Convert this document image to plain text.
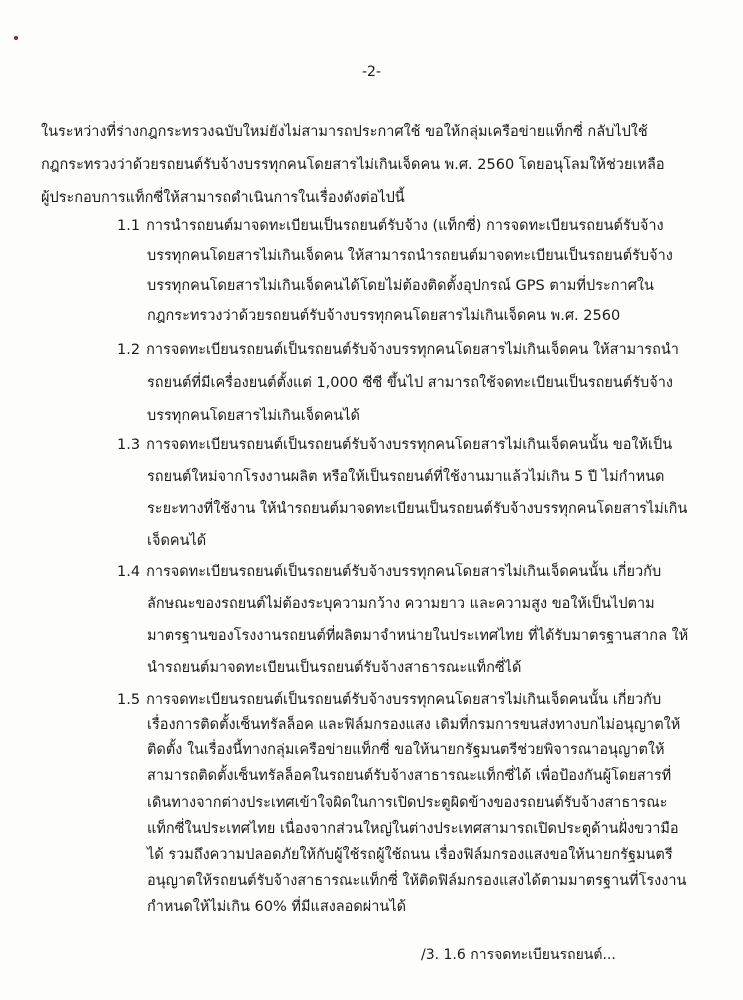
-2-
ในระหว่างที่ร่างกฎกระทรวงฉบับใหม่ยังไม่สามารถประกาศใช้ ขอให้กลุ่มเครือข่ายแท็กซี่ กลับไปใช้
กฎกระทรวงว่าด้วยรถยนต์รับจ้างบรรทุกคนโดยสารไม่เกินเจ็ดคน พ.ศ. 2560 โดยอนุโลมให้ช่วยเหลือ
ผู้ประกอบการแท็กซี่ให้สามารถดำเนินการในเรื่องดังต่อไปนี้
1.1 การนำรถยนต์มาจดทะเบียนเป็นรถยนต์รับจ้าง (แท็กซี่) การจดทะเบียนรถยนต์รับจ้าง
บรรทุกคนโดยสารไม่เกินเจ็ดคน ให้สามารถนำรถยนต์มาจดทะเบียนเป็นรถยนต์รับจ้าง
บรรทุกคนโดยสารไม่เกินเจ็ดคนได้โดยไม่ต้องติดตั้งอุปกรณ์ GPS ตามที่ประกาศใน
กฎกระทรวงว่าด้วยรถยนต์รับจ้างบรรทุกคนโดยสารไม่เกินเจ็ดคน พ.ศ. 2560
1.2 การจดทะเบียนรถยนต์เป็นรถยนต์รับจ้างบรรทุกคนโดยสารไม่เกินเจ็ดคน ให้สามารถนำ
รถยนต์ที่มีเครื่องยนต์ตั้งแต่ 1,000 ซีซี ขึ้นไป สามารถใช้จดทะเบียนเป็นรถยนต์รับจ้าง
บรรทุกคนโดยสารไม่เกินเจ็ดคนได้
1.3 การจดทะเบียนรถยนต์เป็นรถยนต์รับจ้างบรรทุกคนโดยสารไม่เกินเจ็ดคนนั้น ขอให้เป็น
รถยนต์ใหม่จากโรงงานผลิต หรือให้เป็นรถยนต์ที่ใช้งานมาแล้วไม่เกิน 5 ปี ไม่กำหนด
ระยะทางที่ใช้งาน ให้นำรถยนต์มาจดทะเบียนเป็นรถยนต์รับจ้างบรรทุกคนโดยสารไม่เกิน
เจ็ดคนได้
1.4 การจดทะเบียนรถยนต์เป็นรถยนต์รับจ้างบรรทุกคนโดยสารไม่เกินเจ็ดคนนั้น เกี่ยวกับ
ลักษณะของรถยนต์ไม่ต้องระบุความกว้าง ความยาว และความสูง ขอให้เป็นไปตาม
มาตรฐานของโรงงานรถยนต์ที่ผลิตมาจำหน่ายในประเทศไทย ที่ได้รับมาตรฐานสากล ให้
นำรถยนต์มาจดทะเบียนเป็นรถยนต์รับจ้างสาธารณะแท็กซี่ได้
1.5 การจดทะเบียนรถยนต์เป็นรถยนต์รับจ้างบรรทุกคนโดยสารไม่เกินเจ็ดคนนั้น เกี่ยวกับ
เรื่องการติดตั้งเซ็นทรัลล็อค และฟิล์มกรองแสง เดิมที่กรมการขนส่งทางบกไม่อนุญาตให้
ติดตั้ง ในเรื่องนี้ทางกลุ่มเครือข่ายแท็กซี่ ขอให้นายกรัฐมนตรีช่วยพิจารณาอนุญาตให้
สามารถติดตั้งเซ็นทรัลล็อคในรถยนต์รับจ้างสาธารณะแท็กซี่ได้ เพื่อป้องกันผู้โดยสารที่
เดินทางจากต่างประเทศเข้าใจผิดในการเปิดประตูผิดข้างของรถยนต์รับจ้างสาธารณะ
แท็กซี่ในประเทศไทย เนื่องจากส่วนใหญ่ในต่างประเทศสามารถเปิดประตูด้านฝั่งขวามือ
ได้ รวมถึงความปลอดภัยให้กับผู้ใช้รถผู้ใช้ถนน เรื่องฟิล์มกรองแสงขอให้นายกรัฐมนตรี
อนุญาตให้รถยนต์รับจ้างสาธารณะแท็กซี่ ให้ติดฟิล์มกรองแสงได้ตามมาตรฐานที่โรงงาน
กำหนดให้ไม่เกิน 60% ที่มีแสงลอดผ่านได้
/3. 1.6 การจดทะเบียนรถยนต์...
